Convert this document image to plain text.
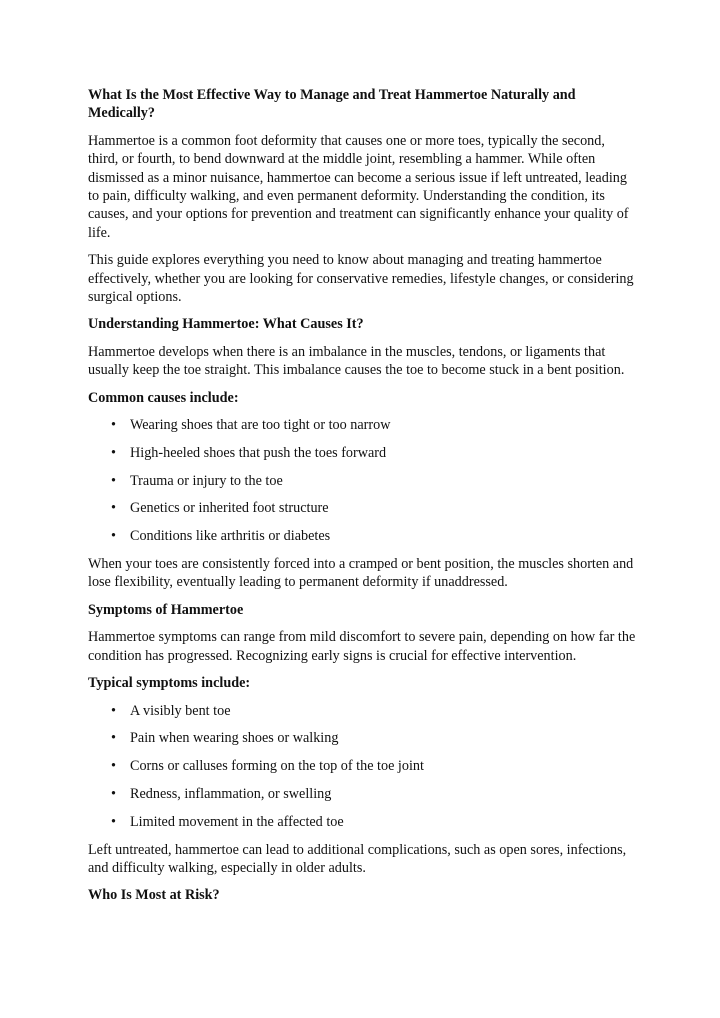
What Is the Most Effective Way to Manage and Treat Hammertoe Naturally and Medically?

Hammertoe is a common foot deformity that causes one or more toes, typically the second, third, or fourth, to bend downward at the middle joint, resembling a hammer. While often dismissed as a minor nuisance, hammertoe can become a serious issue if left untreated, leading to pain, difficulty walking, and even permanent deformity. Understanding the condition, its causes, and your options for prevention and treatment can significantly enhance your quality of life.

This guide explores everything you need to know about managing and treating hammertoe effectively, whether you are looking for conservative remedies, lifestyle changes, or considering surgical options.

Understanding Hammertoe: What Causes It?

Hammertoe develops when there is an imbalance in the muscles, tendons, or ligaments that usually keep the toe straight. This imbalance causes the toe to become stuck in a bent position.

Common causes include:
• Wearing shoes that are too tight or too narrow
• High-heeled shoes that push the toes forward
• Trauma or injury to the toe
• Genetics or inherited foot structure
• Conditions like arthritis or diabetes

When your toes are consistently forced into a cramped or bent position, the muscles shorten and lose flexibility, eventually leading to permanent deformity if unaddressed.

Symptoms of Hammertoe

Hammertoe symptoms can range from mild discomfort to severe pain, depending on how far the condition has progressed. Recognizing early signs is crucial for effective intervention.

Typical symptoms include:
• A visibly bent toe
• Pain when wearing shoes or walking
• Corns or calluses forming on the top of the toe joint
• Redness, inflammation, or swelling
• Limited movement in the affected toe

Left untreated, hammertoe can lead to additional complications, such as open sores, infections, and difficulty walking, especially in older adults.

Who Is Most at Risk?
